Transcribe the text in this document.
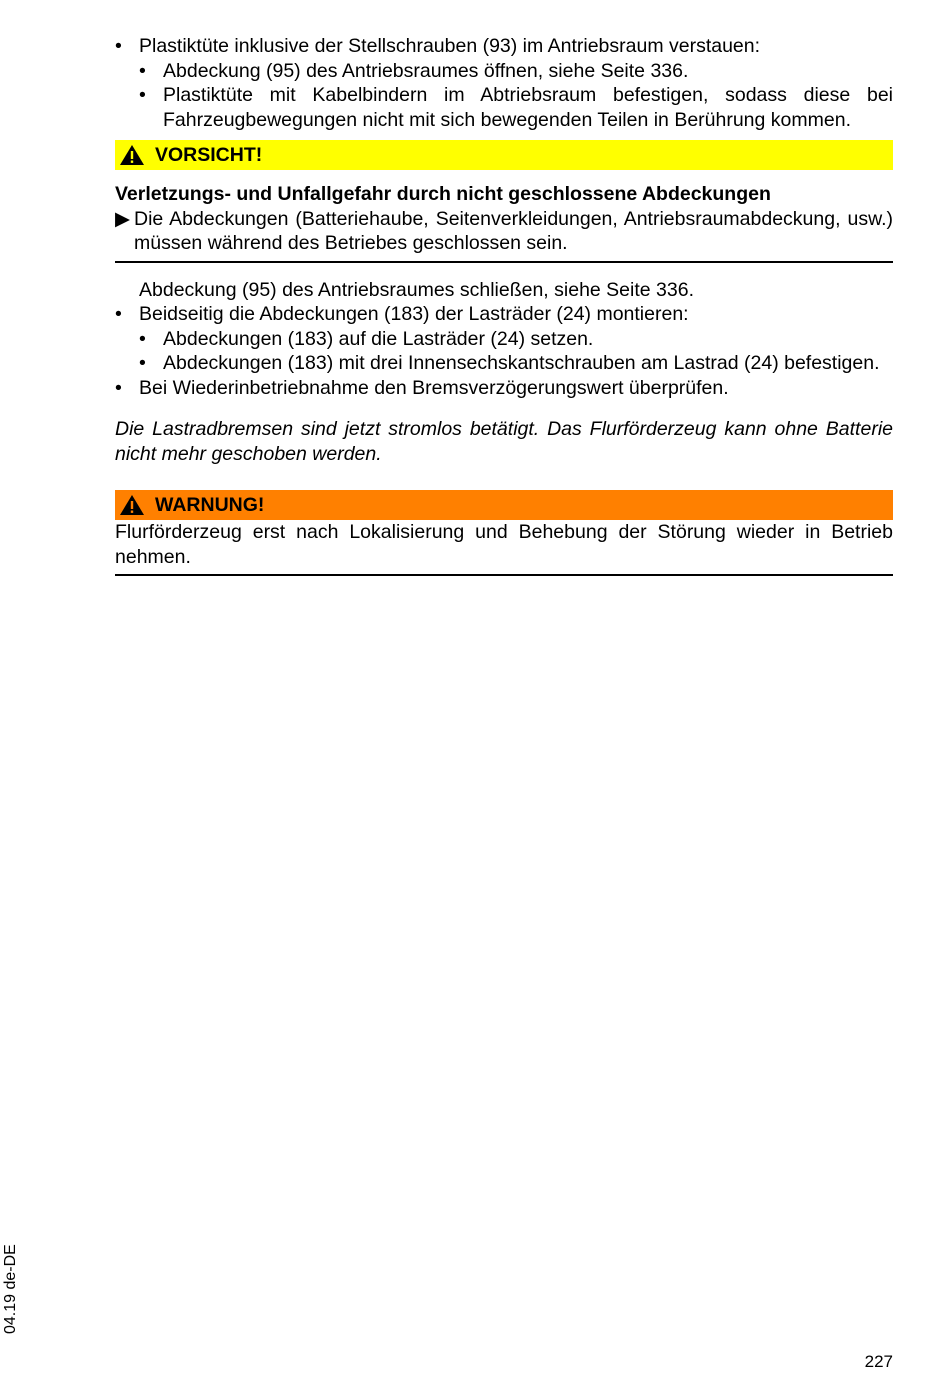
• Plastiktüte inklusive der Stellschrauben (93) im Antriebsraum verstauen:
• Abdeckung (95) des Antriebsraumes öffnen, siehe Seite 336.
• Plastiktüte mit Kabelbindern im Abtriebsraum befestigen, sodass diese bei Fahrzeugbewegungen nicht mit sich bewegenden Teilen in Berührung kommen.
VORSICHT!
Verletzungs- und Unfallgefahr durch nicht geschlossene Abdeckungen
▶ Die Abdeckungen (Batteriehaube, Seitenverkleidungen, Antriebsraumabdeckung, usw.) müssen während des Betriebes geschlossen sein.
Abdeckung (95) des Antriebsraumes schließen, siehe Seite 336.
• Beidseitig die Abdeckungen (183) der Lasträder (24) montieren:
• Abdeckungen (183) auf die Lasträder (24) setzen.
• Abdeckungen (183) mit drei Innensechskantschrauben am Lastrad (24) befestigen.
• Bei Wiederinbetriebnahme den Bremsverzögerungswert überprüfen.
Die Lastradbremsen sind jetzt stromlos betätigt. Das Flurförderzeug kann ohne Batterie nicht mehr geschoben werden.
WARNUNG!
Flurförderzeug erst nach Lokalisierung und Behebung der Störung wieder in Betrieb nehmen.
04.19 de-DE
227
